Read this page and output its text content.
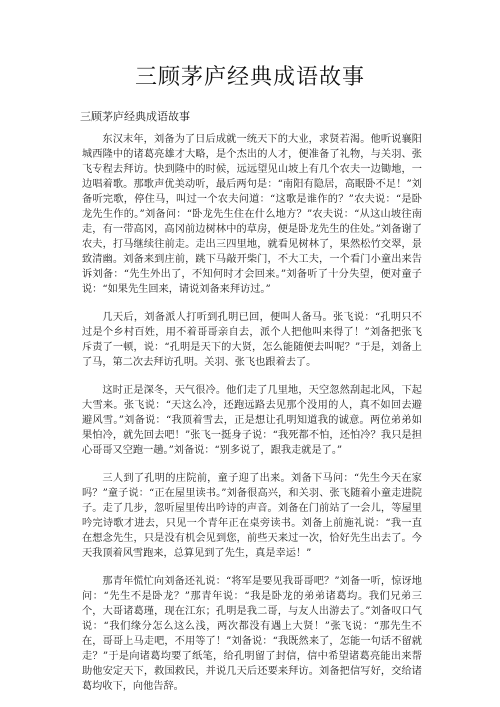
三顾茅庐经典成语故事

三顾茅庐经典成语故事

东汉末年，刘备为了日后成就一统天下的大业，求贤若渴。他听说襄阳城西隆中的诸葛亮雄才大略，是个杰出的人才，便准备了礼物，与关羽、张飞专程去拜访。快到隆中的时候，远远望见山坡上有几个农夫一边锄地，一边唱着歌。那歌声优美动听，最后两句是：“南阳有隐居，高眠卧不足！”刘备听完歌，停住马，叫过一个农夫问道：“这歌是谁作的？”农夫说：“是卧龙先生作的。”刘备问：“卧龙先生住在什么地方？”农夫说：“从这山坡往南走，有一带高冈，高冈前边树林中的草房，便是卧龙先生的住处。”刘备谢了农夫，打马继续往前走。走出三四里地，就看见树林了，果然松竹交翠，景致清幽。刘备来到庄前，跳下马敲开柴门，不大工夫，一个看门小童出来告诉刘备：“先生外出了，不知何时才会回来。”刘备听了十分失望，便对童子说：“如果先生回来，请说刘备来拜访过。”

几天后，刘备派人打听到孔明已回，便叫人备马。张飞说：“孔明只不过是个乡村百姓，用不着哥哥亲自去，派个人把他叫来得了！”刘备把张飞斥责了一顿，说：“孔明是天下的大贤，怎么能随便去叫呢？”于是，刘备上了马，第二次去拜访孔明。关羽、张飞也跟着去了。

这时正是深冬，天气很冷。他们走了几里地，天空忽然刮起北风，下起大雪来。张飞说：“天这么冷，还跑远路去见那个没用的人，真不如回去避避风雪。”刘备说：“我顶着雪去，正是想让孔明知道我的诚意。两位弟弟如果怕冷，就先回去吧！”张飞一挺身子说：“我死都不怕，还怕冷？我只是担心哥哥又空跑一趟。”刘备说：“别多说了，跟我走就是了。”

三人到了孔明的庄院前，童子迎了出来。刘备下马问：“先生今天在家吗？”童子说：“正在屋里读书。”刘备很高兴，和关羽、张飞随着小童走进院子。走了几步，忽听屋里传出吟诗的声音。刘备在门前站了一会儿，等屋里吟完诗歌才进去，只见一个青年正在桌旁读书。刘备上前施礼说：“我一直在想念先生，只是没有机会见到您，前些天来过一次，恰好先生出去了。今天我顶着风雪跑来，总算见到了先生，真是幸运！”

那青年慌忙向刘备还礼说：“将军是要见我哥哥吧？”刘备一听，惊讶地问：“先生不是卧龙？”那青年说：“我是卧龙的弟弟诸葛均。我们兄弟三个，大哥诸葛瑾，现在江东；孔明是我二哥，与友人出游去了。”刘备叹口气说：“我们缘分怎么这么浅，两次都没有遇上大贤！”张飞说：“那先生不在，哥哥上马走吧，不用等了！”刘备说：“我既然来了，怎能一句话不留就走？”于是向诸葛均要了纸笔，给孔明留了封信，信中希望诸葛亮能出来帮助他安定天下，救国救民，并说几天后还要来拜访。刘备把信写好，交给诸葛均收下，向他告辞。
